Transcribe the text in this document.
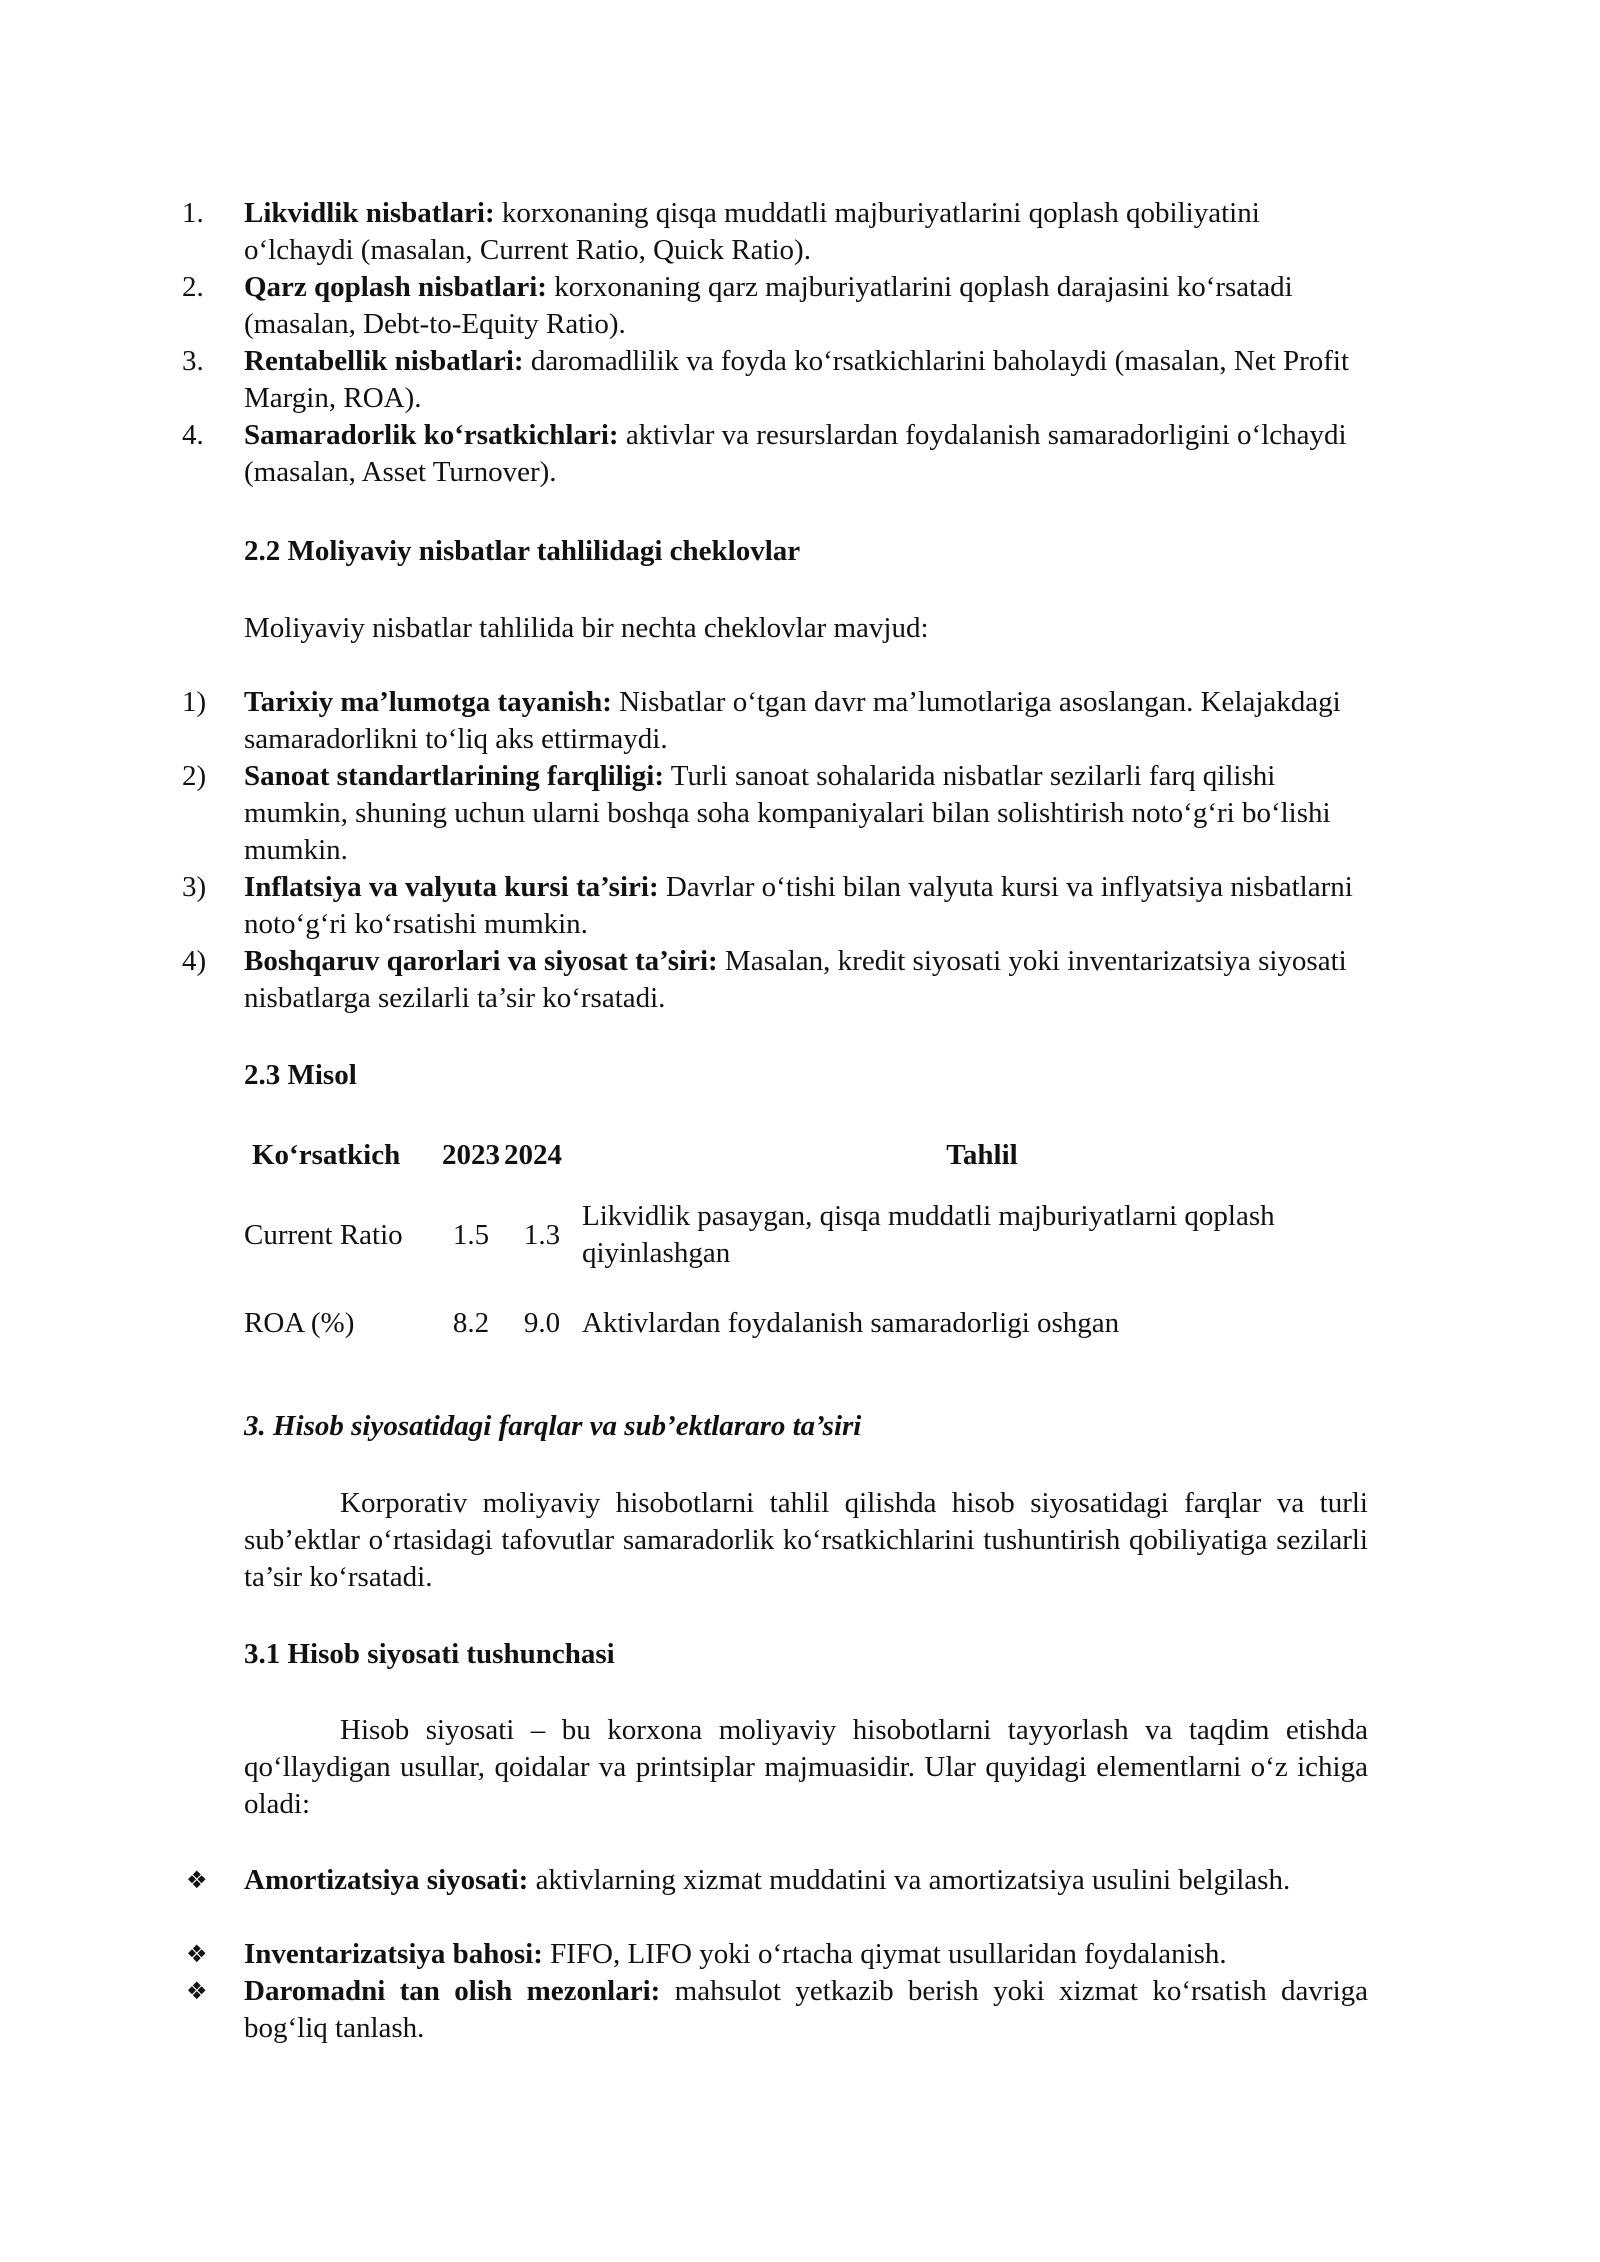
1.	Likvidlik nisbatlari: korxonaning qisqa muddatli majburiyatlarini qoplash qobiliyatini o‘lchaydi (masalan, Current Ratio, Quick Ratio).
2.	Qarz qoplash nisbatlari: korxonaning qarz majburiyatlarini qoplash darajasini ko‘rsatadi (masalan, Debt-to-Equity Ratio).
3.	Rentabellik nisbatlari: daromadlilik va foyda ko‘rsatkichlarini baholaydi (masalan, Net Profit Margin, ROA).
4.	Samaradorlik ko‘rsatkichlari: aktivlar va resurslardan foydalanish samaradorligini o‘lchaydi (masalan, Asset Turnover).
2.2 Moliyaviy nisbatlar tahlilidagi cheklovlar
Moliyaviy nisbatlar tahlilida bir nechta cheklovlar mavjud:
1)	Tarixiy ma’lumotga tayanish: Nisbatlar o‘tgan davr ma’lumotlariga asoslangan. Kelajakdagi samaradorlikni to‘liq aks ettirmaydi.
2)	Sanoat standartlarining farqliligi: Turli sanoat sohalarida nisbatlar sezilarli farq qilishi mumkin, shuning uchun ularni boshqa soha kompaniyalari bilan solishtirish noto‘g‘ri bo‘lishi mumkin.
3)	Inflatsiya va valyuta kursi ta’siri: Davrlar o‘tishi bilan valyuta kursi va inflyatsiya nisbatlarni noto‘g‘ri ko‘rsatishi mumkin.
4)	Boshqaruv qarorlari va siyosat ta’siri: Masalan, kredit siyosati yoki inventarizatsiya siyosati nisbatlarga sezilarli ta’sir ko‘rsatadi.
2.3 Misol
Ko‘rsatkich	2023	2024	Tahlil
Current Ratio	1.5	1.3	Likvidlik pasaygan, qisqa muddatli majburiyatlarni qoplash qiyinlashgan
ROA (%)	8.2	9.0	Aktivlardan foydalanish samaradorligi oshgan
3. Hisob siyosatidagi farqlar va sub’ektlararo ta’siri

Korporativ moliyaviy hisobotlarni tahlil qilishda hisob siyosatidagi farqlar va turli sub’ektlar o‘rtasidagi tafovutlar samaradorlik ko‘rsatkichlarini tushuntirish qobiliyatiga sezilarli ta’sir ko‘rsatadi.

3.1 Hisob siyosati tushunchasi

Hisob siyosati – bu korxona moliyaviy hisobotlarni tayyorlash va taqdim etishda qo‘llaydigan usullar, qoidalar va printsiplar majmuasidir. Ular quyidagi elementlarni o‘z ichiga oladi:

❖	Amortizatsiya siyosati: aktivlarning xizmat muddatini va amortizatsiya usulini belgilash.
❖	Inventarizatsiya bahosi: FIFO, LIFO yoki o‘rtacha qiymat usullaridan foydalanish.
❖	Daromadni tan olish mezonlari: mahsulot yetkazib berish yoki xizmat ko‘rsatish davriga bog‘liq tanlash.
